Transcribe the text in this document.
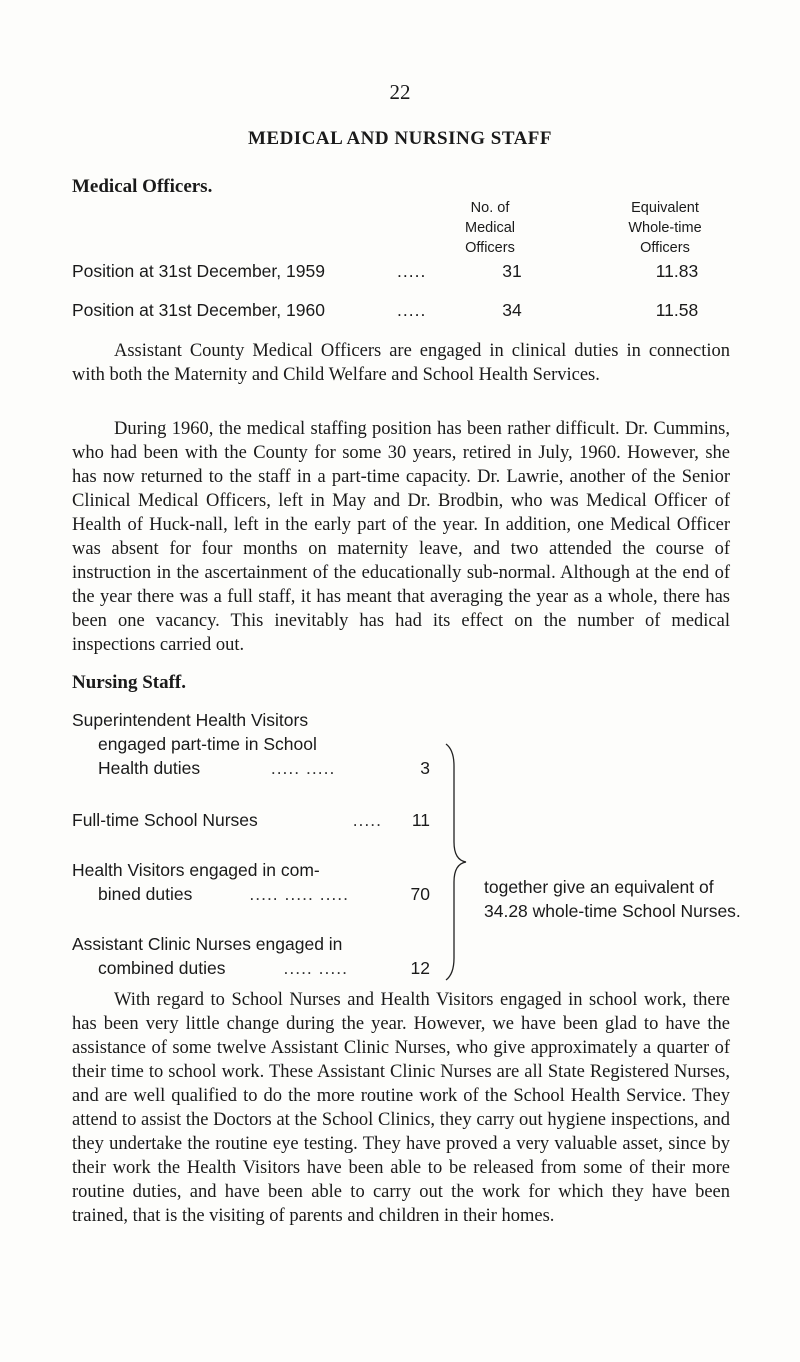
22
MEDICAL AND NURSING STAFF
Medical Officers.
No. of
Medical
Officers
Equivalent
Whole-time
Officers
Position at 31st December, 1959	.....	31	11.83
Position at 31st December, 1960	.....	34	11.58

Assistant County Medical Officers are engaged in clinical duties in connection with both the Maternity and Child Welfare and School Health Services.

During 1960, the medical staffing position has been rather difficult. Dr. Cummins, who had been with the County for some 30 years, retired in July, 1960. However, she has now returned to the staff in a part-time capacity. Dr. Lawrie, another of the Senior Clinical Medical Officers, left in May and Dr. Brodbin, who was Medical Officer of Health of Huck-nall, left in the early part of the year. In addition, one Medical Officer was absent for four months on maternity leave, and two attended the course of instruction in the ascertainment of the educationally sub-normal. Although at the end of the year there was a full staff, it has meant that averaging the year as a whole, there has been one vacancy. This inevitably has had its effect on the number of medical inspections carried out.

Nursing Staff.
Superintendent Health Visitors
engaged part-time in School
Health duties	..... .....	3
Full-time School Nurses	.....	11
Health Visitors engaged in com-
bined duties	..... ..... .....	70
Assistant Clinic Nurses engaged in
combined duties	..... .....	12
together give an equivalent of 34.28 whole-time School Nurses.

With regard to School Nurses and Health Visitors engaged in school work, there has been very little change during the year. However, we have been glad to have the assistance of some twelve Assistant Clinic Nurses, who give approximately a quarter of their time to school work. These Assistant Clinic Nurses are all State Registered Nurses, and are well qualified to do the more routine work of the School Health Service. They attend to assist the Doctors at the School Clinics, they carry out hygiene inspections, and they undertake the routine eye testing. They have proved a very valuable asset, since by their work the Health Visitors have been able to be released from some of their more routine duties, and have been able to carry out the work for which they have been trained, that is the visiting of parents and children in their homes.
